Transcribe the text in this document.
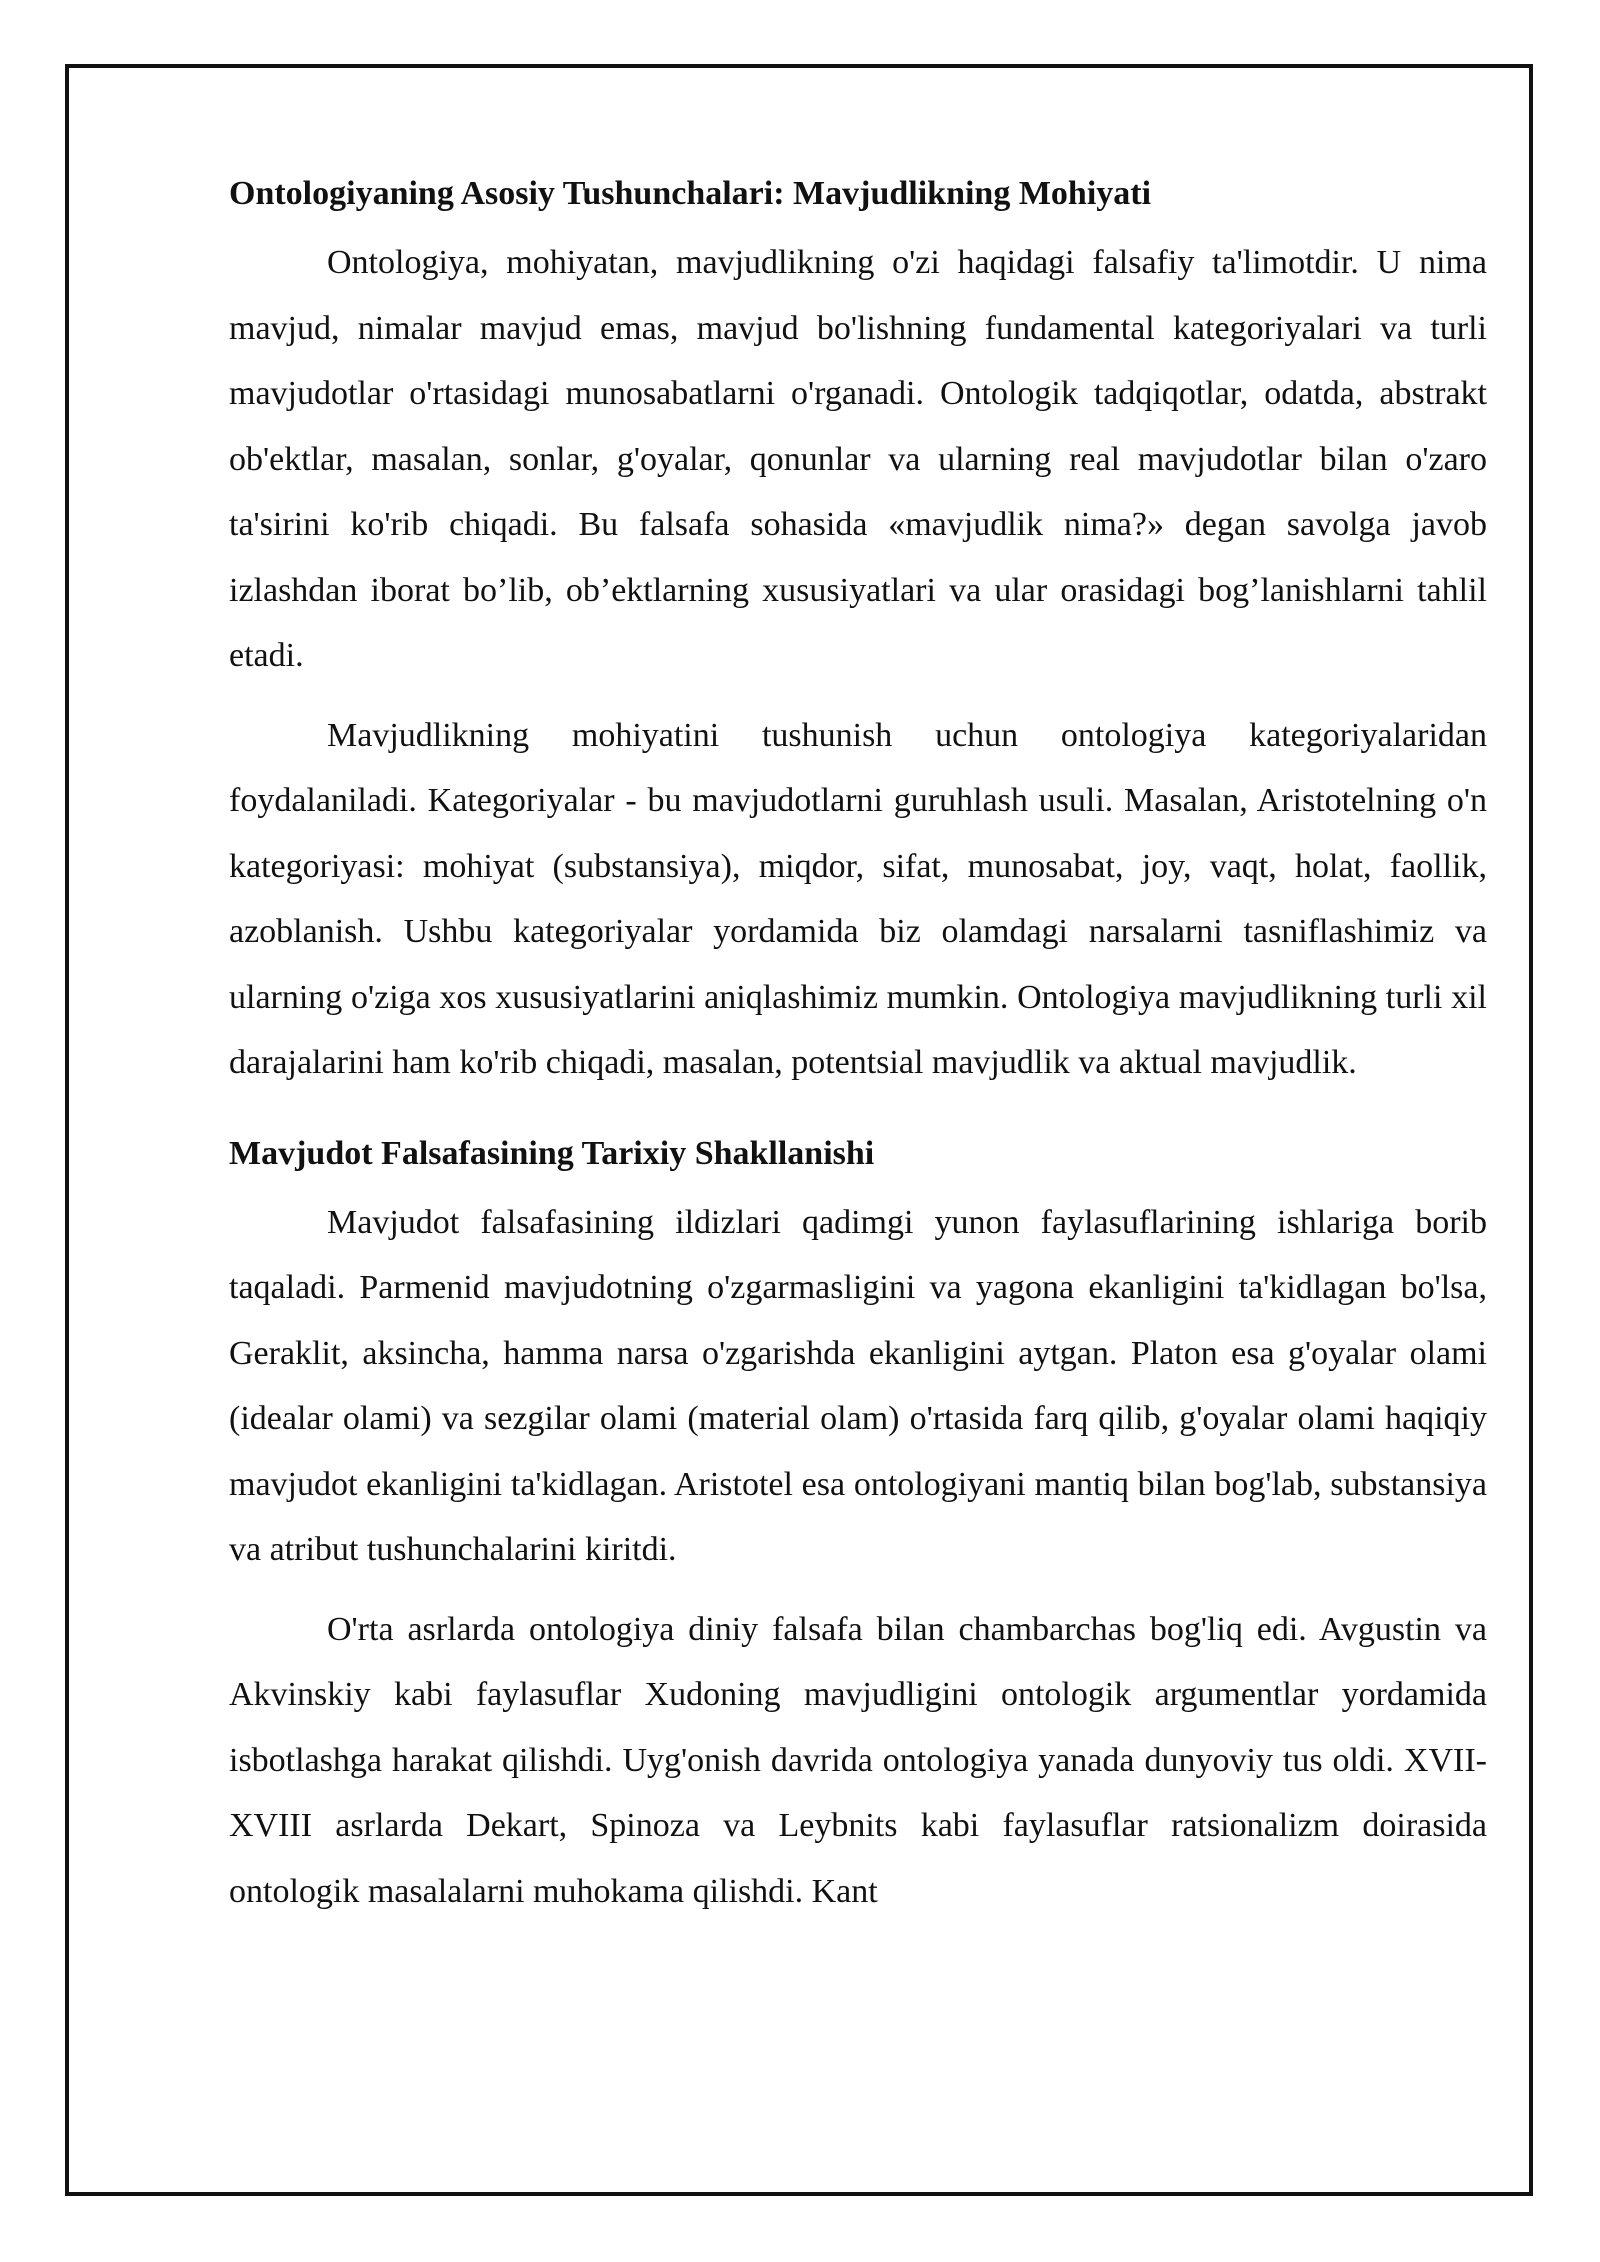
Ontologiyaning Asosiy Tushunchalari: Mavjudlikning Mohiyati

Ontologiya, mohiyatan, mavjudlikning o'zi haqidagi falsafiy ta'limotdir. U nima mavjud, nimalar mavjud emas, mavjud bo'lishning fundamental kategoriyalari va turli mavjudotlar o'rtasidagi munosabatlarni o'rganadi. Ontologik tadqiqotlar, odatda, abstrakt ob'ektlar, masalan, sonlar, g'oyalar, qonunlar va ularning real mavjudotlar bilan o'zaro ta'sirini ko'rib chiqadi. Bu falsafa sohasida «mavjudlik nima?» degan savolga javob izlashdan iborat bo’lib, ob’ektlarning xususiyatlari va ular orasidagi bog’lanishlarni tahlil etadi.

Mavjudlikning mohiyatini tushunish uchun ontologiya kategoriyalaridan foydalaniladi. Kategoriyalar - bu mavjudotlarni guruhlash usuli. Masalan, Aristotelning o'n kategoriyasi: mohiyat (substansiya), miqdor, sifat, munosabat, joy, vaqt, holat, faollik, azoblanish. Ushbu kategoriyalar yordamida biz olamdagi narsalarni tasniflashimiz va ularning o'ziga xos xususiyatlarini aniqlashimiz mumkin. Ontologiya mavjudlikning turli xil darajalarini ham ko'rib chiqadi, masalan, potentsial mavjudlik va aktual mavjudlik.

Mavjudot Falsafasining Tarixiy Shakllanishi

Mavjudot falsafasining ildizlari qadimgi yunon faylasuflarining ishlariga borib taqaladi. Parmenid mavjudotning o'zgarmasligini va yagona ekanligini ta'kidlagan bo'lsa, Geraklit, aksincha, hamma narsa o'zgarishda ekanligini aytgan. Platon esa g'oyalar olami (idealar olami) va sezgilar olami (material olam) o'rtasida farq qilib, g'oyalar olami haqiqiy mavjudot ekanligini ta'kidlagan. Aristotel esa ontologiyani mantiq bilan bog'lab, substansiya va atribut tushunchalarini kiritdi.

O'rta asrlarda ontologiya diniy falsafa bilan chambarchas bog'liq edi. Avgustin va Akvinskiy kabi faylasuflar Xudoning mavjudligini ontologik argumentlar yordamida isbotlashga harakat qilishdi. Uyg'onish davrida ontologiya yanada dunyoviy tus oldi. XVII-XVIII asrlarda Dekart, Spinoza va Leybnits kabi faylasuflar ratsionalizm doirasida ontologik masalalarni muhokama qilishdi. Kant
